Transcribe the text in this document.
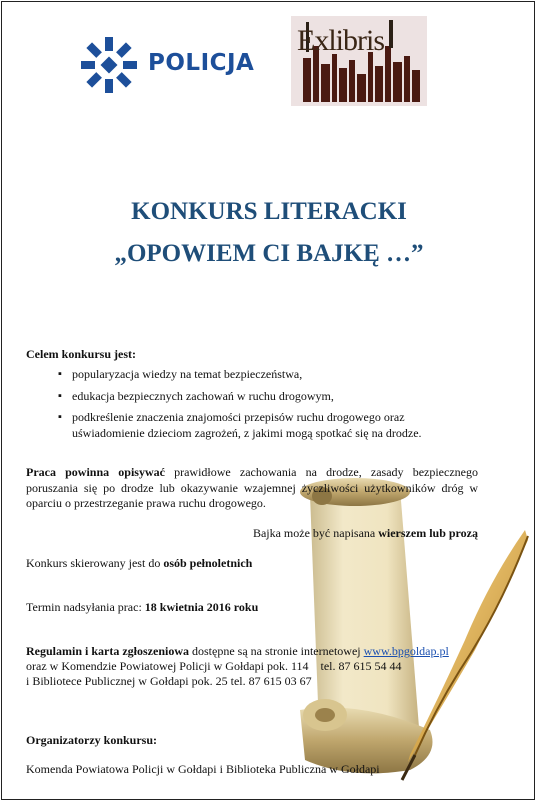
POLICJA
Exlibris
KONKURS LITERACKI
„OPOWIEM CI BAJKĘ …”
Celem konkursu jest:
▪ popularyzacja wiedzy na temat bezpieczeństwa,
▪ edukacja bezpiecznych zachowań w ruchu drogowym,
▪ podkreślenie znaczenia znajomości przepisów ruchu drogowego oraz uświadomienie dzieciom zagrożeń, z jakimi mogą spotkać się na drodze.
Praca powinna opisywać prawidłowe zachowania na drodze, zasady bezpiecznego poruszania się po drodze lub okazywanie wzajemnej życzliwości użytkowników dróg w oparciu o przestrzeganie prawa ruchu drogowego.
Bajka może być napisana wierszem lub prozą
Konkurs skierowany jest do osób pełnoletnich
Termin nadsyłania prac: 18 kwietnia 2016 roku
Regulamin i karta zgłoszeniowa dostępne są na stronie internetowej www.bpgoldap.pl
oraz w Komendzie Powiatowej Policji w Gołdapi pok. 114    tel. 87 615 54 44
i Bibliotece Publicznej w Gołdapi pok. 25 tel. 87 615 03 67
Organizatorzy konkursu:
Komenda Powiatowa Policji w Gołdapi i Biblioteka Publiczna w Gołdapi
